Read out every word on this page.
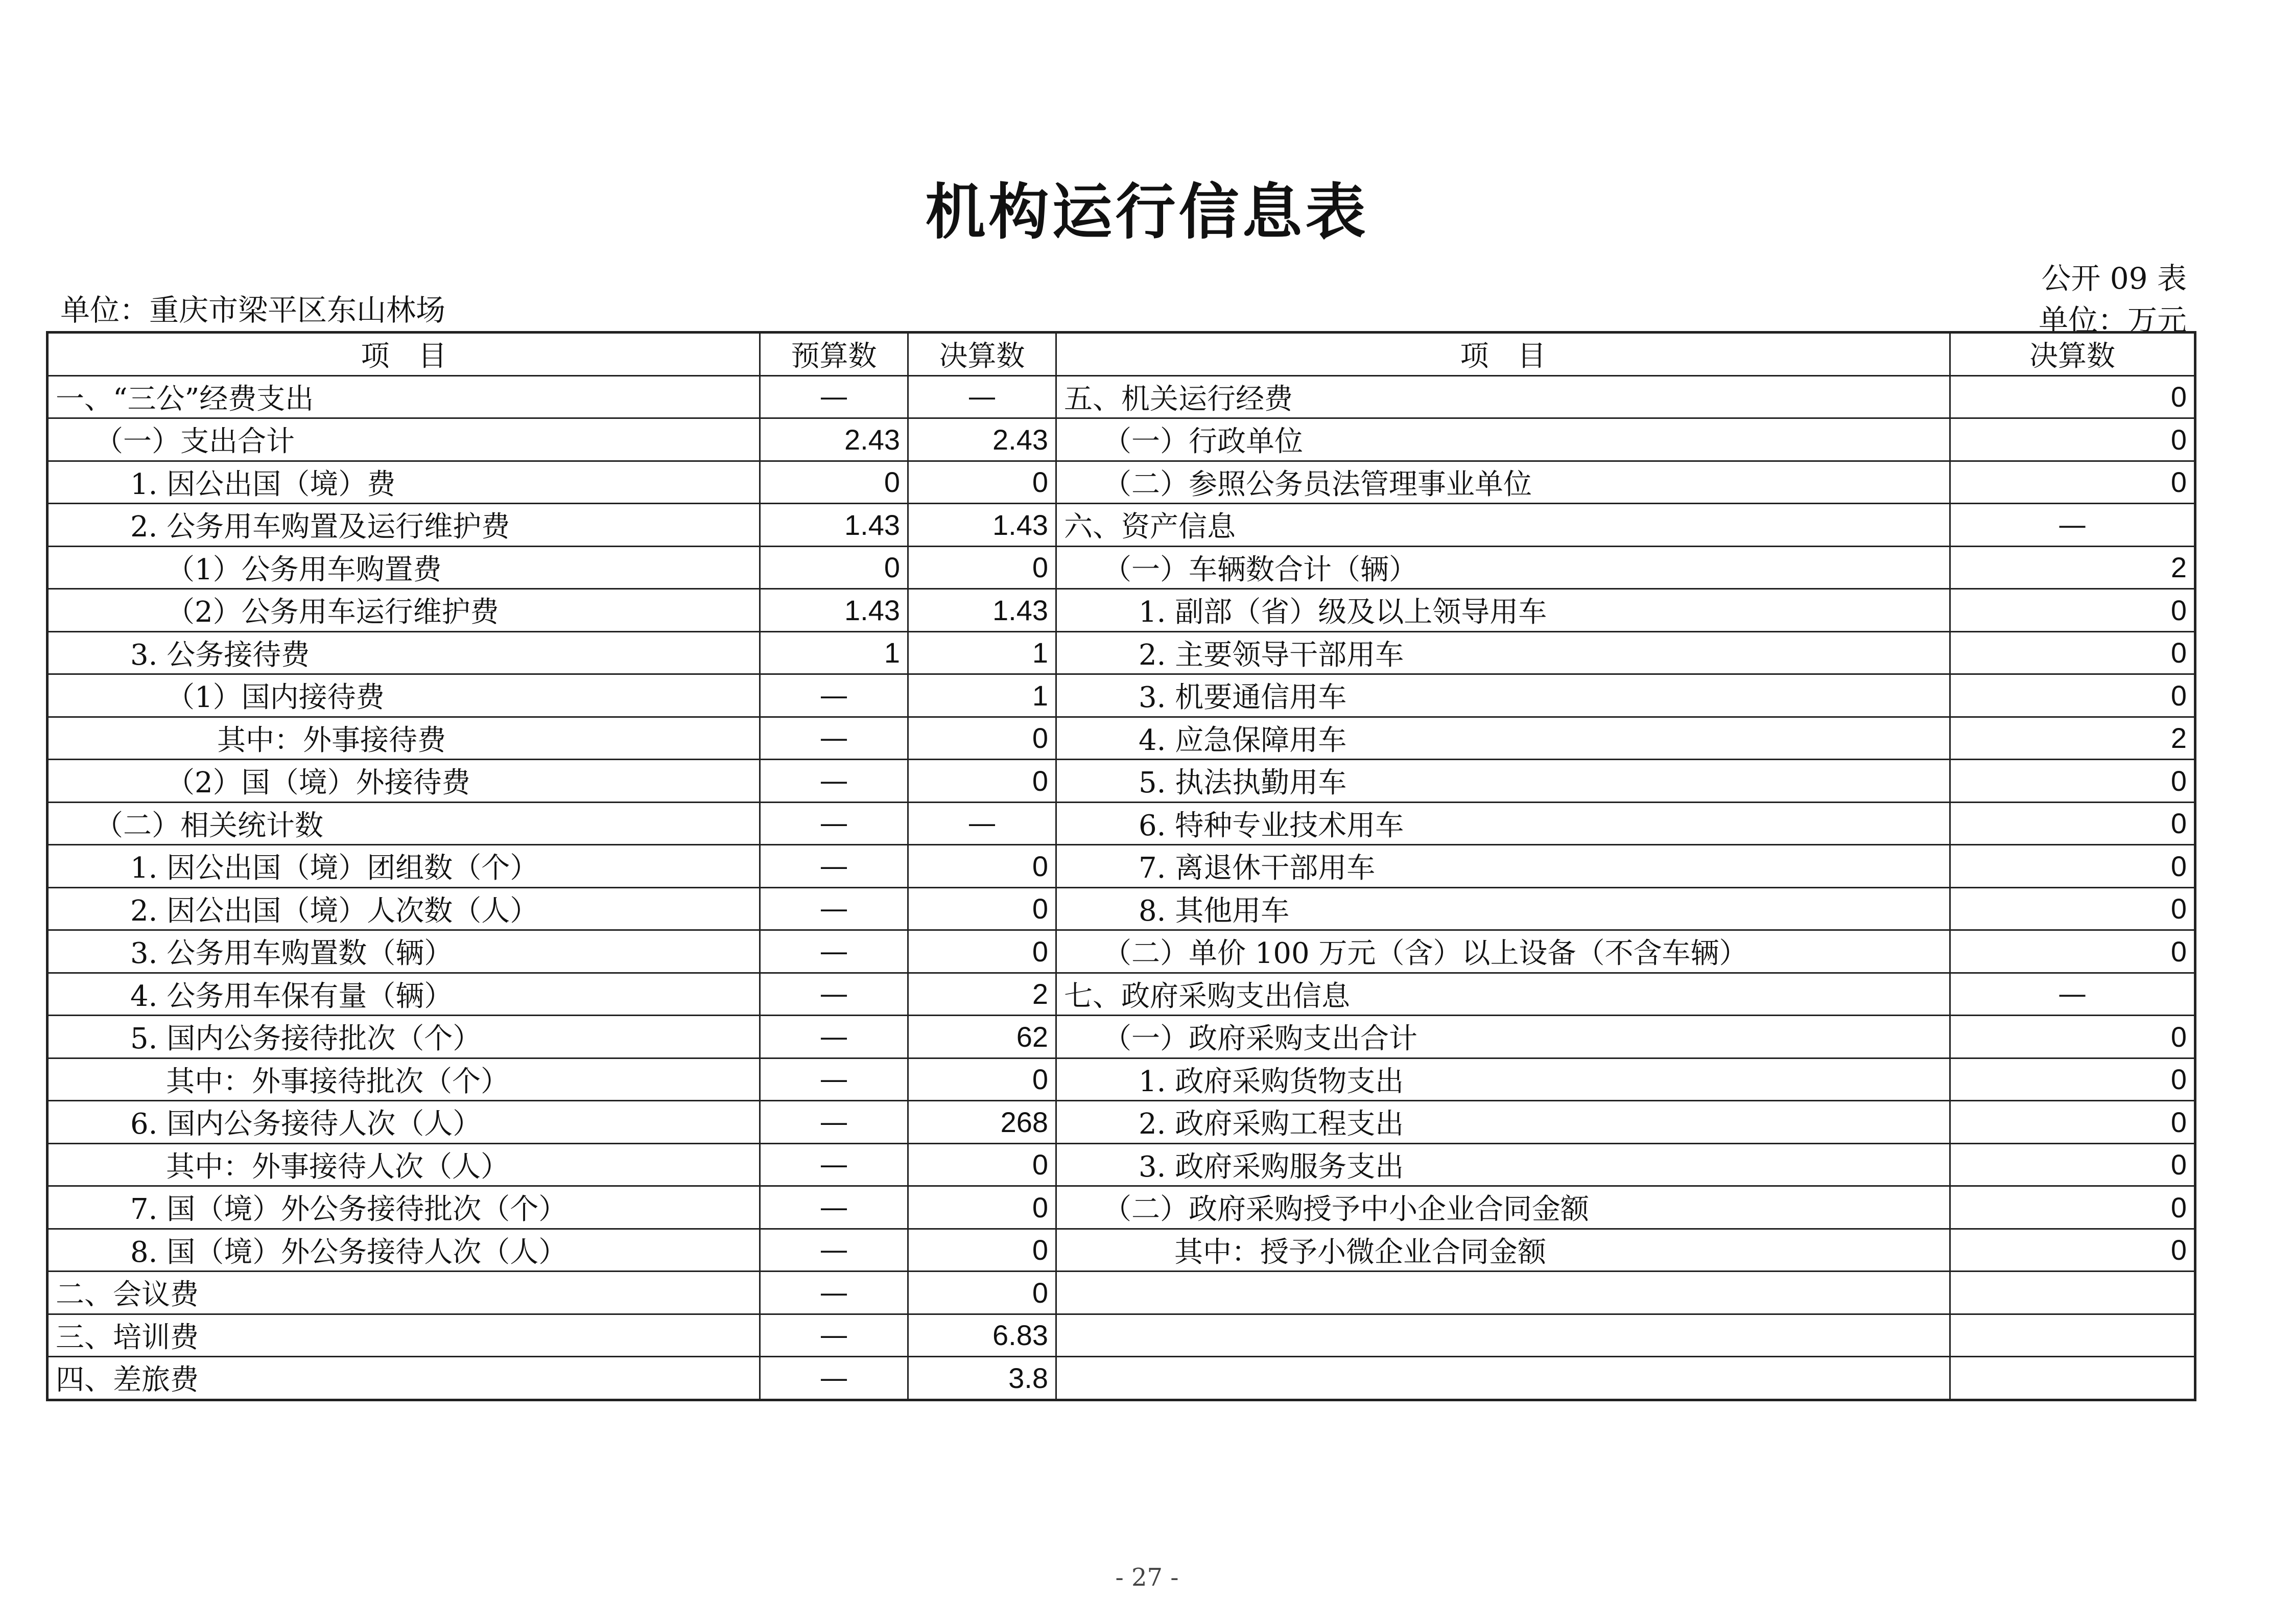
机构运行信息表
公开 09 表
单位：重庆市梁平区东山林场	单位：万元
项　目	预算数	决算数	项　目	决算数
一、“三公”经费支出	—	—	五、机关运行经费	0
（一）支出合计	2.43	2.43	（一）行政单位	0
1. 因公出国（境）费	0	0	（二）参照公务员法管理事业单位	0
2. 公务用车购置及运行维护费	1.43	1.43	六、资产信息	—
（1）公务用车购置费	0	0	（一）车辆数合计（辆）	2
（2）公务用车运行维护费	1.43	1.43	1. 副部（省）级及以上领导用车	0
3. 公务接待费	1	1	2. 主要领导干部用车	0
（1）国内接待费	—	1	3. 机要通信用车	0
其中：外事接待费	—	0	4. 应急保障用车	2
（2）国（境）外接待费	—	0	5. 执法执勤用车	0
（二）相关统计数	—	—	6. 特种专业技术用车	0
1. 因公出国（境）团组数（个）	—	0	7. 离退休干部用车	0
2. 因公出国（境）人次数（人）	—	0	8. 其他用车	0
3. 公务用车购置数（辆）	—	0	（二）单价 100 万元（含）以上设备（不含车辆）	0
4. 公务用车保有量（辆）	—	2	七、政府采购支出信息	—
5. 国内公务接待批次（个）	—	62	（一）政府采购支出合计	0
其中：外事接待批次（个）	—	0	1. 政府采购货物支出	0
6. 国内公务接待人次（人）	—	268	2. 政府采购工程支出	0
其中：外事接待人次（人）	—	0	3. 政府采购服务支出	0
7. 国（境）外公务接待批次（个）	—	0	（二）政府采购授予中小企业合同金额	0
8. 国（境）外公务接待人次（人）	—	0	其中：授予小微企业合同金额	0
二、会议费	—	0		
三、培训费	—	6.83		
四、差旅费	—	3.8		
- 27 -
